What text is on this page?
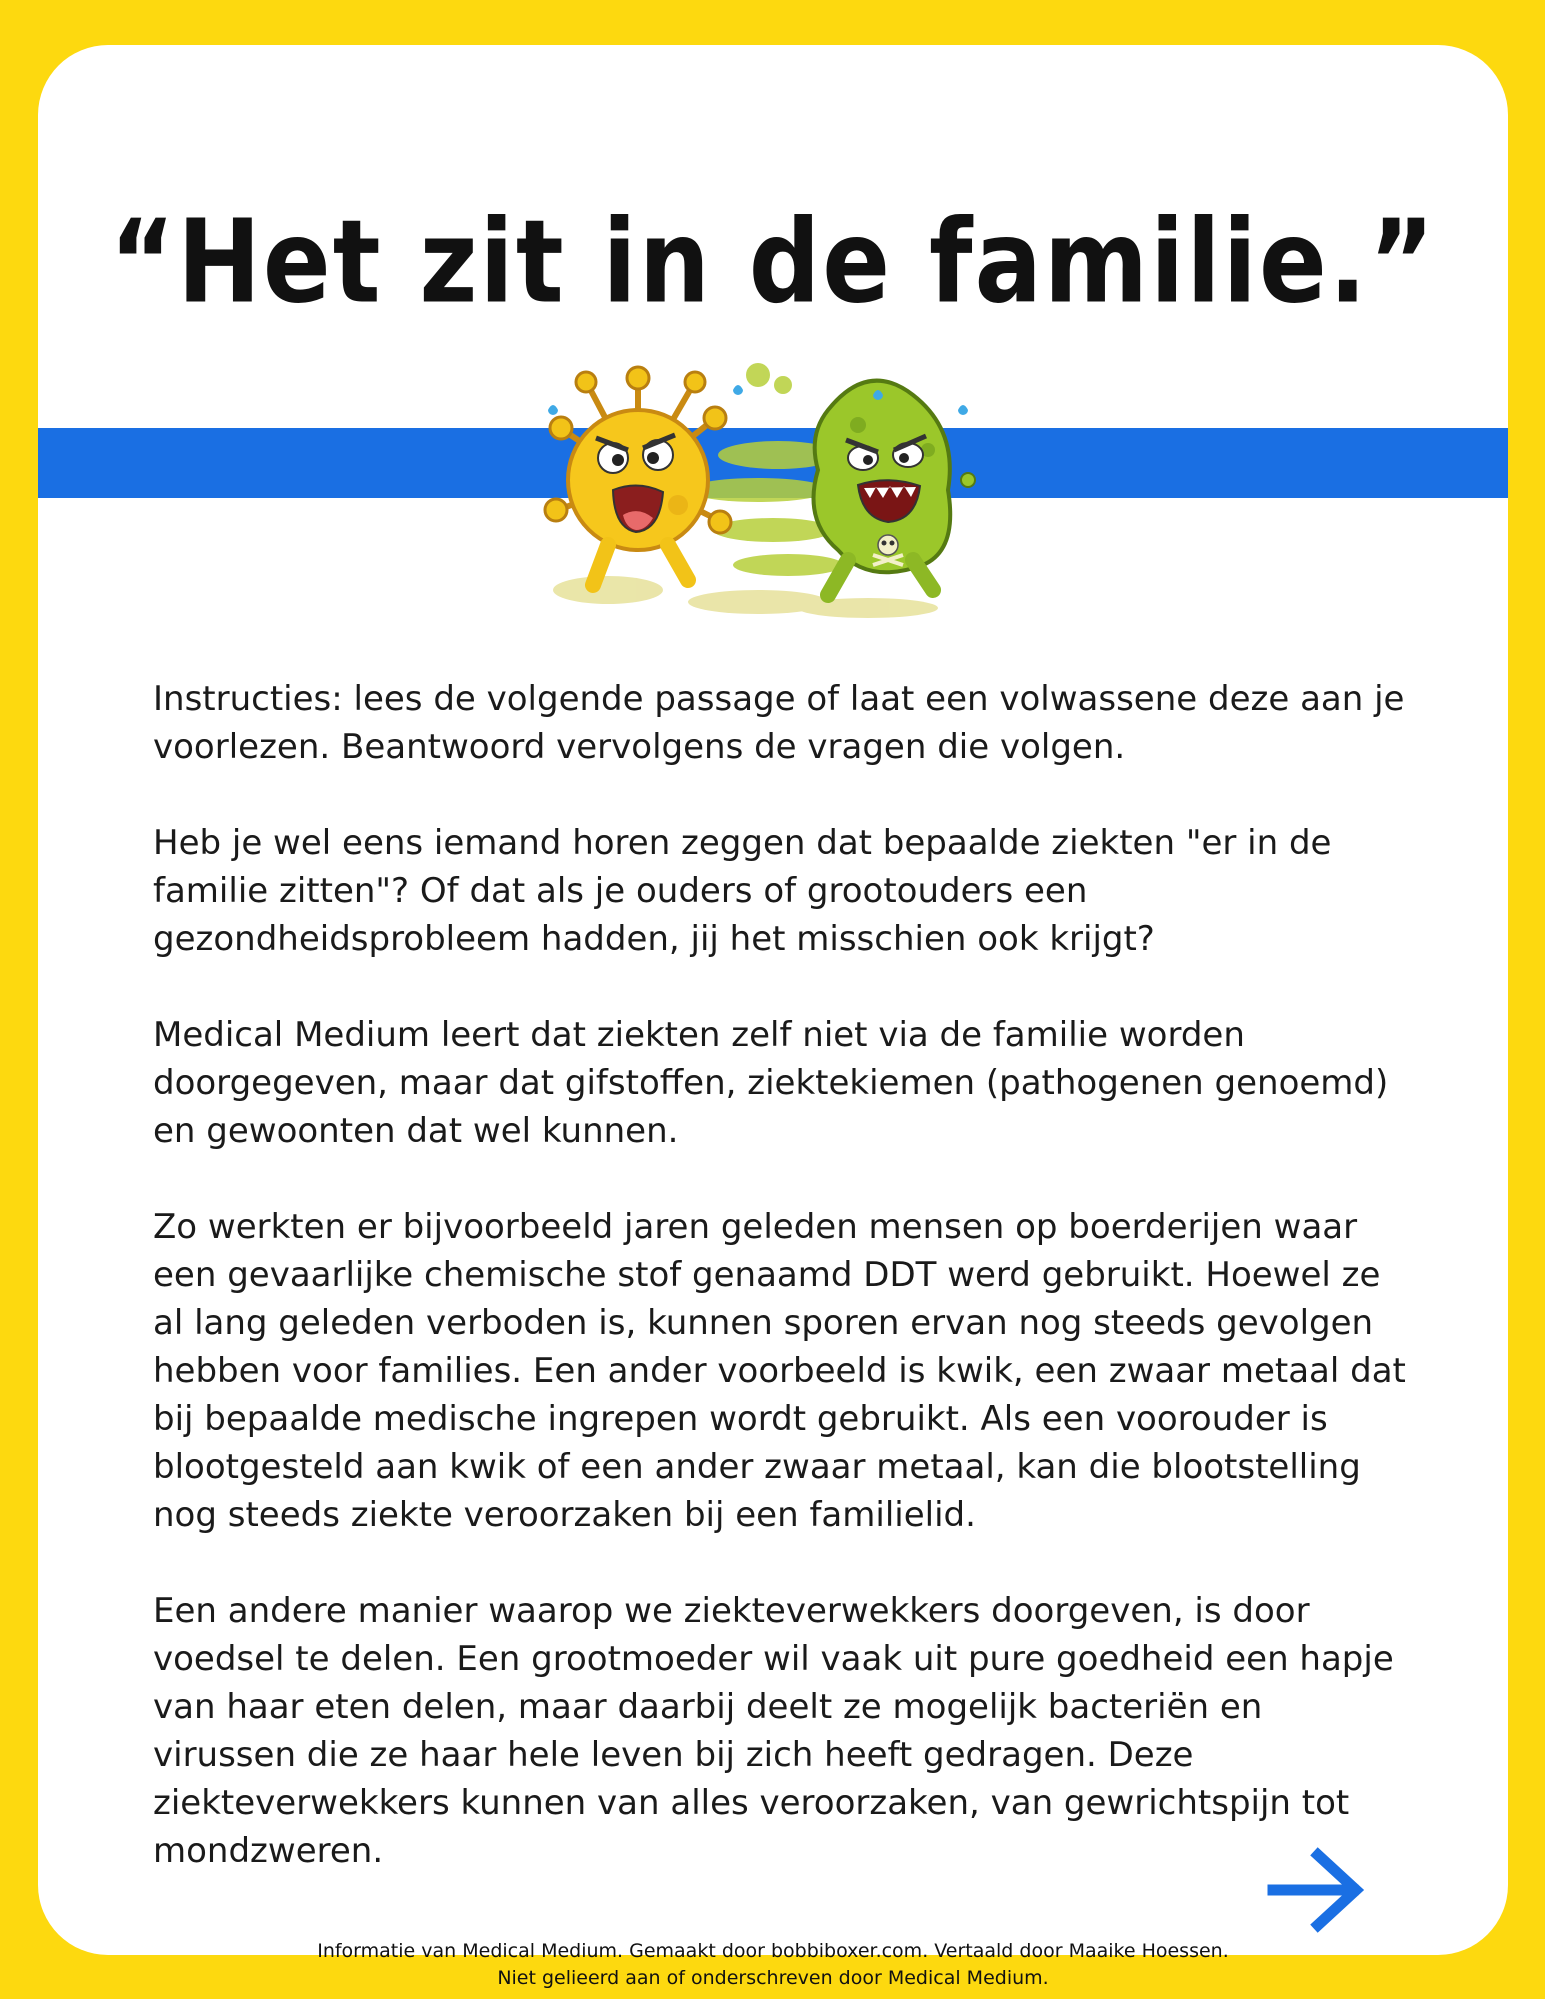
“Het zit in de familie.”

Instructies: lees de volgende passage of laat een volwassene deze aan je voorlezen. Beantwoord vervolgens de vragen die volgen.

Heb je wel eens iemand horen zeggen dat bepaalde ziekten "er in de familie zitten"? Of dat als je ouders of grootouders een gezondheidsprobleem hadden, jij het misschien ook krijgt?

Medical Medium leert dat ziekten zelf niet via de familie worden doorgegeven, maar dat gifstoffen, ziektekiemen (pathogenen genoemd) en gewoonten dat wel kunnen.

Zo werkten er bijvoorbeeld jaren geleden mensen op boerderijen waar een gevaarlijke chemische stof genaamd DDT werd gebruikt. Hoewel ze al lang geleden verboden is, kunnen sporen ervan nog steeds gevolgen hebben voor families. Een ander voorbeeld is kwik, een zwaar metaal dat bij bepaalde medische ingrepen wordt gebruikt. Als een voorouder is blootgesteld aan kwik of een ander zwaar metaal, kan die blootstelling nog steeds ziekte veroorzaken bij een familielid.

Een andere manier waarop we ziekteverwekkers doorgeven, is door voedsel te delen. Een grootmoeder wil vaak uit pure goedheid een hapje van haar eten delen, maar daarbij deelt ze mogelijk bacteriën en virussen die ze haar hele leven bij zich heeft gedragen. Deze ziekteverwekkers kunnen van alles veroorzaken, van gewrichtspijn tot mondzweren.

Informatie van Medical Medium. Gemaakt door bobbiboxer.com. Vertaald door Maaike Hoessen.
Niet gelieerd aan of onderschreven door Medical Medium.
